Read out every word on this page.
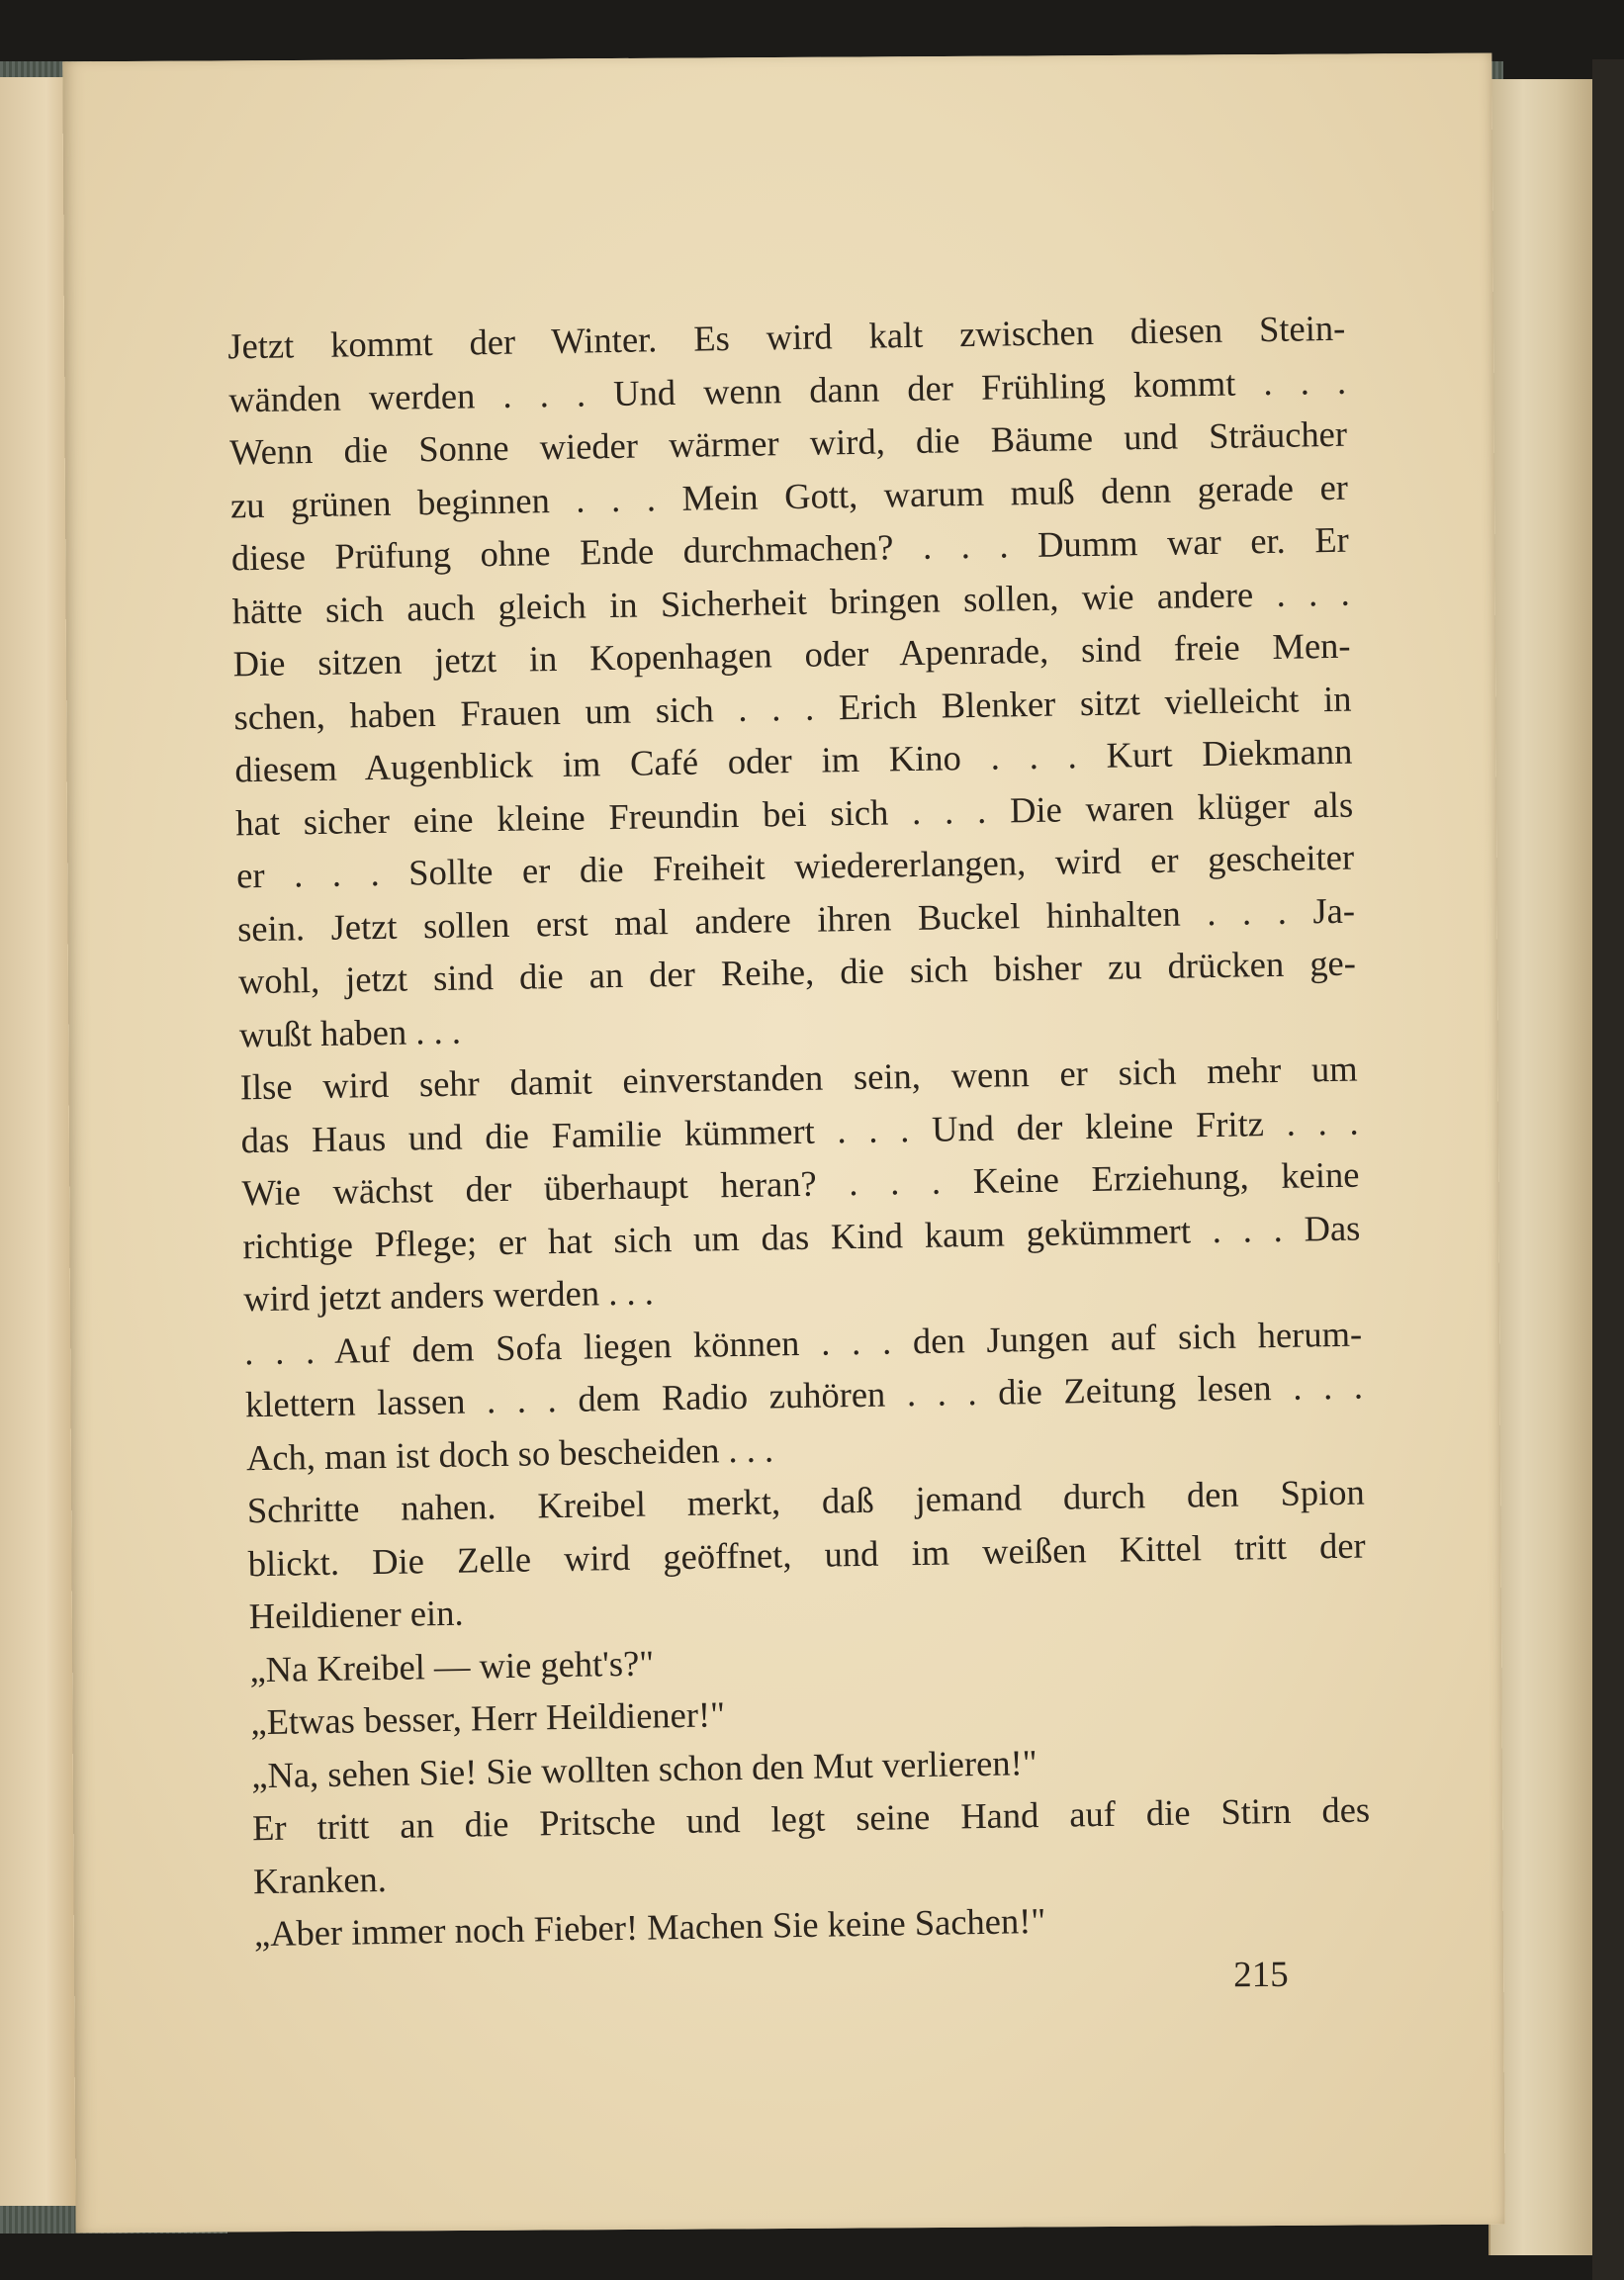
Jetzt kommt der Winter. Es wird kalt zwischen diesen Stein-
wänden werden . . . Und wenn dann der Frühling kommt . . .
Wenn die Sonne wieder wärmer wird, die Bäume und Sträucher
zu grünen beginnen . . . Mein Gott, warum muß denn gerade er
diese Prüfung ohne Ende durchmachen? . . . Dumm war er. Er
hätte sich auch gleich in Sicherheit bringen sollen, wie andere . . .
Die sitzen jetzt in Kopenhagen oder Apenrade, sind freie Men-
schen, haben Frauen um sich . . . Erich Blenker sitzt vielleicht in
diesem Augenblick im Café oder im Kino . . . Kurt Diekmann
hat sicher eine kleine Freundin bei sich . . . Die waren klüger als
er . . . Sollte er die Freiheit wiedererlangen, wird er gescheiter
sein. Jetzt sollen erst mal andere ihren Buckel hinhalten . . . Ja-
wohl, jetzt sind die an der Reihe, die sich bisher zu drücken ge-
wußt haben . . .
Ilse wird sehr damit einverstanden sein, wenn er sich mehr um
das Haus und die Familie kümmert . . . Und der kleine Fritz . . .
Wie wächst der überhaupt heran? . . . Keine Erziehung, keine
richtige Pflege; er hat sich um das Kind kaum gekümmert . . . Das
wird jetzt anders werden . . .
. . . Auf dem Sofa liegen können . . . den Jungen auf sich herum-
klettern lassen . . . dem Radio zuhören . . . die Zeitung lesen . . .
Ach, man ist doch so bescheiden . . .
Schritte nahen. Kreibel merkt, daß jemand durch den Spion
blickt. Die Zelle wird geöffnet, und im weißen Kittel tritt der
Heildiener ein.
„Na Kreibel — wie geht's?"
„Etwas besser, Herr Heildiener!"
„Na, sehen Sie! Sie wollten schon den Mut verlieren!"
Er tritt an die Pritsche und legt seine Hand auf die Stirn des
Kranken.
„Aber immer noch Fieber! Machen Sie keine Sachen!"
215
